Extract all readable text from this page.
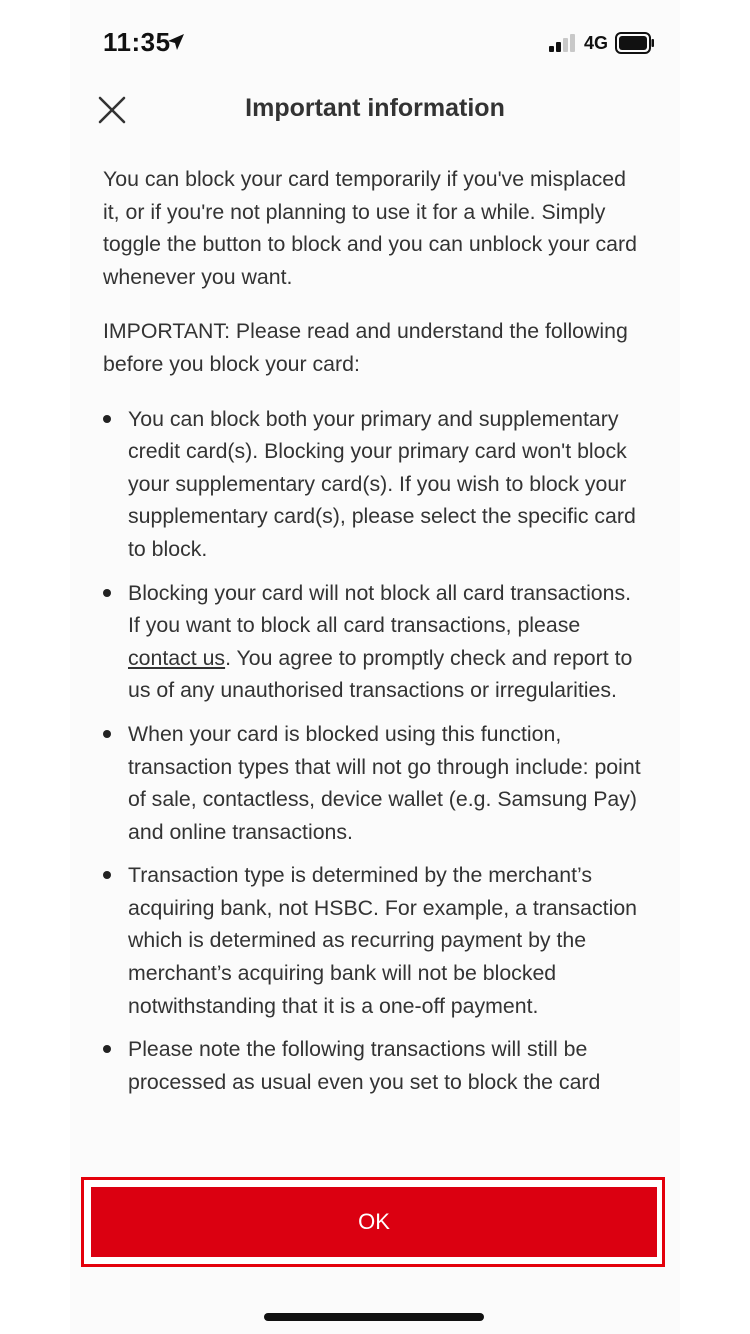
11:35	4G
Important information

You can block your card temporarily if you've misplaced it, or if you're not planning to use it for a while. Simply toggle the button to block and you can unblock your card whenever you want.

IMPORTANT: Please read and understand the following before you block your card:

You can block both your primary and supplementary credit card(s). Blocking your primary card won't block your supplementary card(s). If you wish to block your supplementary card(s), please select the specific card to block.
Blocking your card will not block all card transactions. If you want to block all card transactions, please contact us. You agree to promptly check and report to us of any unauthorised transactions or irregularities.
When your card is blocked using this function, transaction types that will not go through include: point of sale, contactless, device wallet (e.g. Samsung Pay) and online transactions.
Transaction type is determined by the merchant’s acquiring bank, not HSBC. For example, a transaction which is determined as recurring payment by the merchant’s acquiring bank will not be blocked notwithstanding that it is a one-off payment.
Please note the following transactions will still be processed as usual even you set to block the card
OK
